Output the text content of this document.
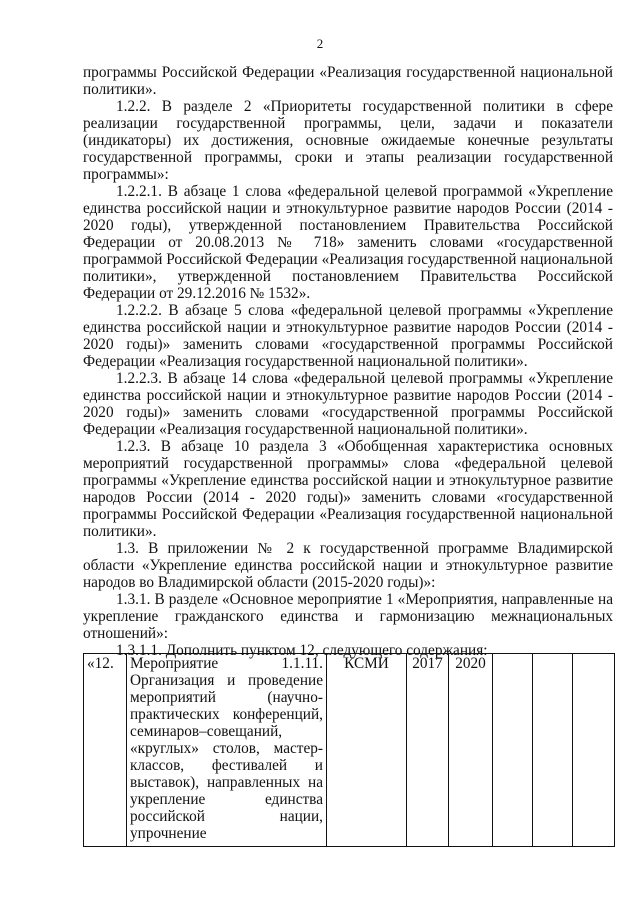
2

программы Российской Федерации «Реализация государственной национальной политики».

1.2.2. В разделе 2 «Приоритеты государственной политики в сфере реализации государственной программы, цели, задачи и показатели (индикаторы) их достижения, основные ожидаемые конечные результаты государственной программы, сроки и этапы реализации государственной программы»:

1.2.2.1. В абзаце 1 слова «федеральной целевой программой «Укрепление единства российской нации и этнокультурное развитие народов России (2014 - 2020 годы), утвержденной постановлением Правительства Российской Федерации от 20.08.2013 № 718» заменить словами «государственной программой Российской Федерации «Реализация государственной национальной политики», утвержденной постановлением Правительства Российской Федерации от 29.12.2016 № 1532».

1.2.2.2. В абзаце 5 слова «федеральной целевой программы «Укрепление единства российской нации и этнокультурное развитие народов России (2014 - 2020 годы)» заменить словами «государственной программы Российской Федерации «Реализация государственной национальной политики».

1.2.2.3. В абзаце 14 слова «федеральной целевой программы «Укрепление единства российской нации и этнокультурное развитие народов России (2014 - 2020 годы)» заменить словами «государственной программы Российской Федерации «Реализация государственной национальной политики».

1.2.3. В абзаце 10 раздела 3 «Обобщенная характеристика основных мероприятий государственной программы» слова «федеральной целевой программы «Укрепление единства российской нации и этнокультурное развитие народов России (2014 - 2020 годы)» заменить словами «государственной программы Российской Федерации «Реализация государственной национальной политики».

1.3. В приложении № 2 к государственной программе Владимирской области «Укрепление единства российской нации и этнокультурное развитие народов во Владимирской области (2015-2020 годы)»:

1.3.1. В разделе «Основное мероприятие 1 «Мероприятия, направленные на укрепление гражданского единства и гармонизацию межнациональных отношений»:

1.3.1.1. Дополнить пунктом 12, следующего содержания:

«12.	Мероприятие 1.1.11. Организация и проведение мероприятий (научно-практических конференций, семинаров–совещаний, «круглых» столов, мастер-классов, фестивалей и выставок), направленных на укрепление единства российской нации, упрочнение	КСМИ	2017	2020			
